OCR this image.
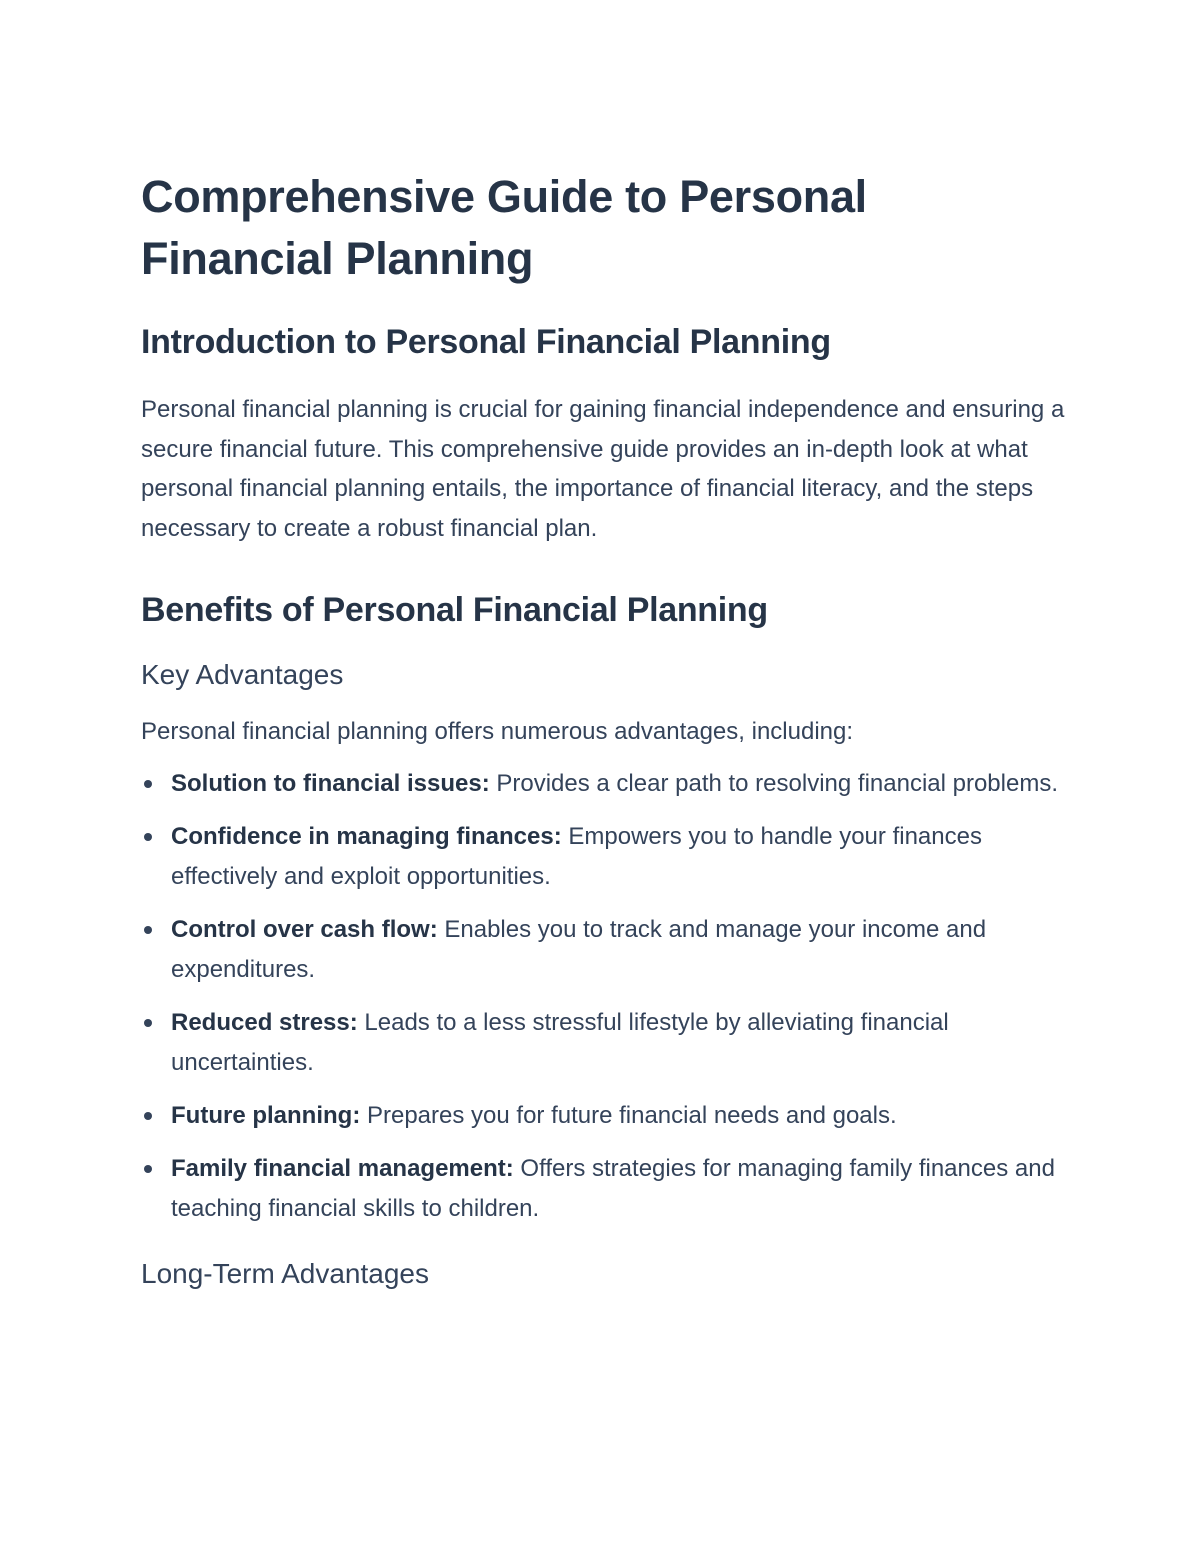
Comprehensive Guide to Personal Financial Planning
Introduction to Personal Financial Planning

Personal financial planning is crucial for gaining financial independence and ensuring a secure financial future. This comprehensive guide provides an in-depth look at what personal financial planning entails, the importance of financial literacy, and the steps necessary to create a robust financial plan.

Benefits of Personal Financial Planning
Key Advantages

Personal financial planning offers numerous advantages, including:

Solution to financial issues: Provides a clear path to resolving financial problems.
Confidence in managing finances: Empowers you to handle your finances effectively and exploit opportunities.
Control over cash flow: Enables you to track and manage your income and expenditures.
Reduced stress: Leads to a less stressful lifestyle by alleviating financial uncertainties.
Future planning: Prepares you for future financial needs and goals.
Family financial management: Offers strategies for managing family finances and teaching financial skills to children.
Long-Term Advantages
